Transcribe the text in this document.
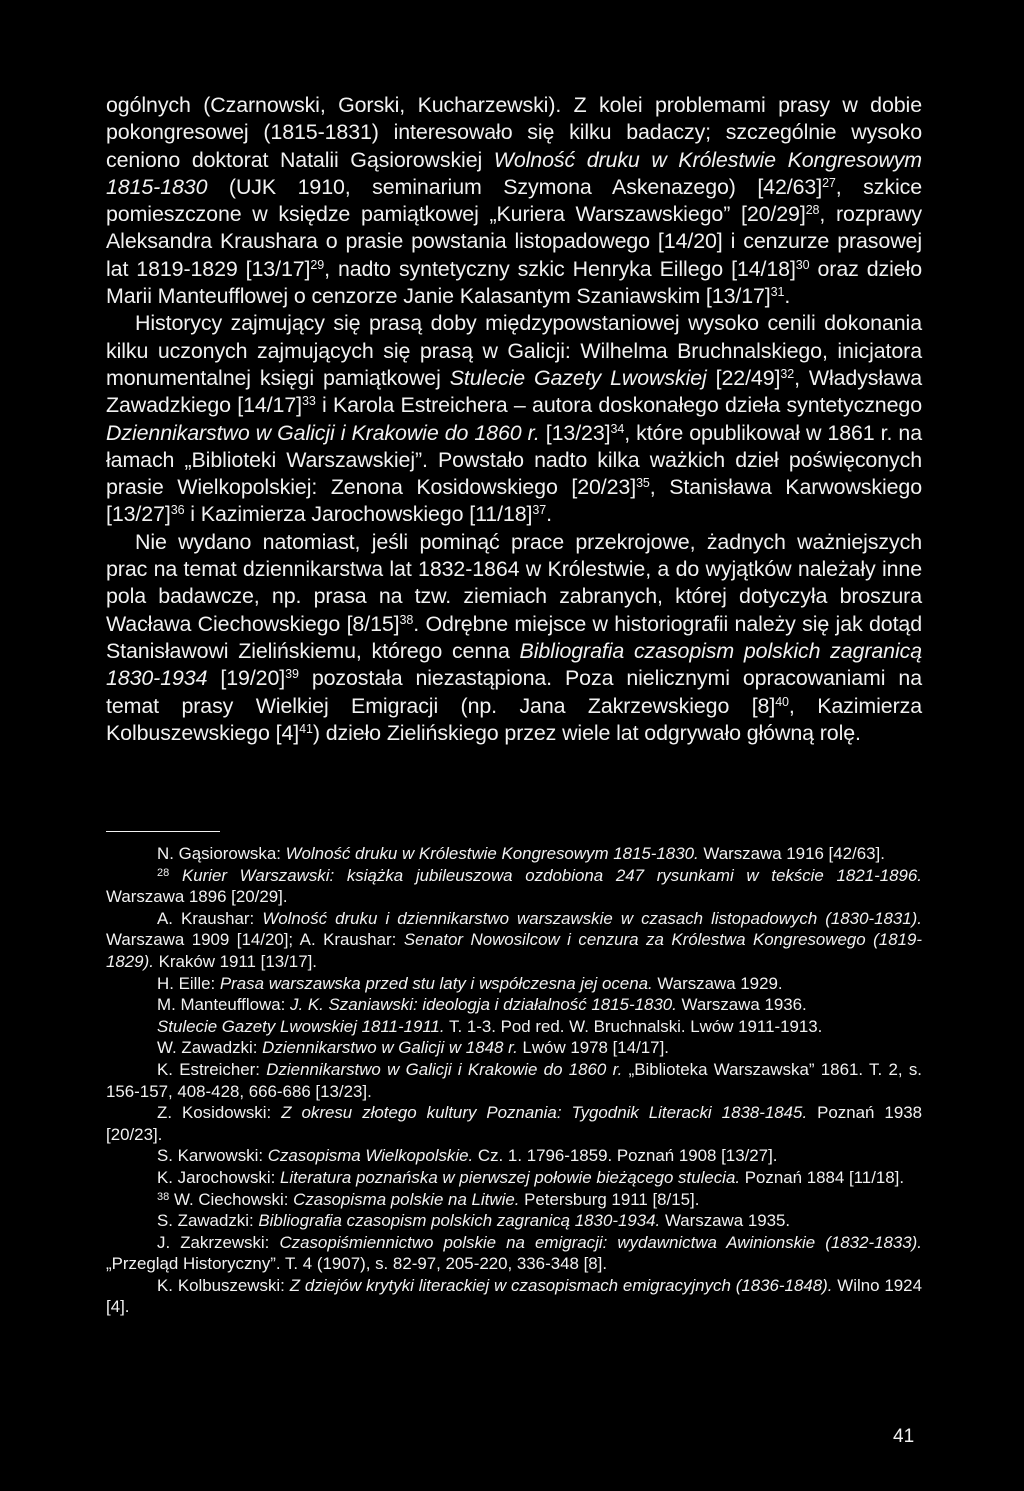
ogólnych (Czarnowski, Gorski, Kucharzewski). Z kolei problemami prasy w dobie pokongresowej (1815-1831) interesowało się kilku badaczy; szczególnie wysoko ceniono doktorat Natalii Gąsiorowskiej Wolność druku w Królestwie Kongresowym 1815-1830 (UJK 1910, seminarium Szymona Askenazego) $[42/63]^{27}$, szkice pomieszczone w księdze pamiątkowej „Kuriera Warszawskiego” $[20/29]^{28}$, rozprawy Aleksandra Kraushara o prasie powstania listopadowego [14/20] i cenzurze prasowej lat 1819-1829 $[13/17]^{29}$, nadto syntetyczny szkic Henryka Eillego $[14/18]^{30}$ oraz dzieło Marii Manteufflowej o cenzorze Janie Kalasantym Szaniawskim $[13/17]^{31}$.

Historycy zajmujący się prasą doby międzypowstaniowej wysoko cenili dokonania kilku uczonych zajmujących się prasą w Galicji: Wilhelma Bruchnalskiego, inicjatora monumentalnej księgi pamiątkowej Stulecie Gazety Lwowskiej $[22/49]^{32}$, Władysława Zawadzkiego $[14/17]^{33}$ i Karola Estreichera – autora doskonałego dzieła syntetycznego Dziennikarstwo w Galicji i Krakowie do 1860 r. $[13/23]^{34}$, które opublikował w 1861 r. na łamach „Biblioteki Warszawskiej”. Powstało nadto kilka ważkich dzieł poświęconych prasie Wielkopolskiej: Zenona Kosidowskiego $[20/23]^{35}$, Stanisława Karwowskiego $[13/27]^{36}$ i Kazimierza Jarochowskiego $[11/18]^{37}$.

Nie wydano natomiast, jeśli pominąć prace przekrojowe, żadnych ważniejszych prac na temat dziennikarstwa lat 1832-1864 w Królestwie, a do wyjątków należały inne pola badawcze, np. prasa na tzw. ziemiach zabranych, której dotyczyła broszura Wacława Ciechowskiego $[8/15]^{38}$. Odrębne miejsce w historiografii należy się jak dotąd Stanisławowi Zielińskiemu, którego cenna Bibliografia czasopism polskich zagranicą 1830-1934 $[19/20]^{39}$ pozostała niezastąpiona. Poza nielicznymi opracowaniami na temat prasy Wielkiej Emigracji (np. Jana Zakrzewskiego $[8]^{40}$, Kazimierza Kolbuszewskiego $[4]^{41}$) dzieło Zielińskiego przez wiele lat odgrywało główną rolę.

N. Gąsiorowska: Wolność druku w Królestwie Kongresowym 1815-1830. Warszawa 1916 [42/63].

$^{28}$ Kurier Warszawski: książka jubileuszowa ozdobiona 247 rysunkami w tekście 1821-1896. Warszawa 1896 [20/29].

A. Kraushar: Wolność druku i dziennikarstwo warszawskie w czasach listopadowych (1830-1831). Warszawa 1909 [14/20]; A. Kraushar: Senator Nowosilcow i cenzura za Królestwa Kongresowego (1819-1829). Kraków 1911 [13/17].

H. Eille: Prasa warszawska przed stu laty i współczesna jej ocena. Warszawa 1929.

M. Manteufflowa: J. K. Szaniawski: ideologja i działalność 1815-1830. Warszawa 1936.

Stulecie Gazety Lwowskiej 1811-1911. T. 1-3. Pod red. W. Bruchnalski. Lwów 1911-1913.

W. Zawadzki: Dziennikarstwo w Galicji w 1848 r. Lwów 1978 [14/17].

K. Estreicher: Dziennikarstwo w Galicji i Krakowie do 1860 r. „Biblioteka Warszawska” 1861. T. 2, s. 156-157, 408-428, 666-686 [13/23].

Z. Kosidowski: Z okresu złotego kultury Poznania: Tygodnik Literacki 1838-1845. Poznań 1938 [20/23].

S. Karwowski: Czasopisma Wielkopolskie. Cz. 1. 1796-1859. Poznań 1908 [13/27].

K. Jarochowski: Literatura poznańska w pierwszej połowie bieżącego stulecia. Poznań 1884 [11/18].

$^{38}$ W. Ciechowski: Czasopisma polskie na Litwie. Petersburg 1911 [8/15].

S. Zawadzki: Bibliografia czasopism polskich zagranicą 1830-1934. Warszawa 1935.

J. Zakrzewski: Czasopiśmiennictwo polskie na emigracji: wydawnictwa Awinionskie (1832-1833). „Przegląd Historyczny”. T. 4 (1907), s. 82-97, 205-220, 336-348 [8].

K. Kolbuszewski: Z dziejów krytyki literackiej w czasopismach emigracyjnych (1836-1848). Wilno 1924 [4].

41
